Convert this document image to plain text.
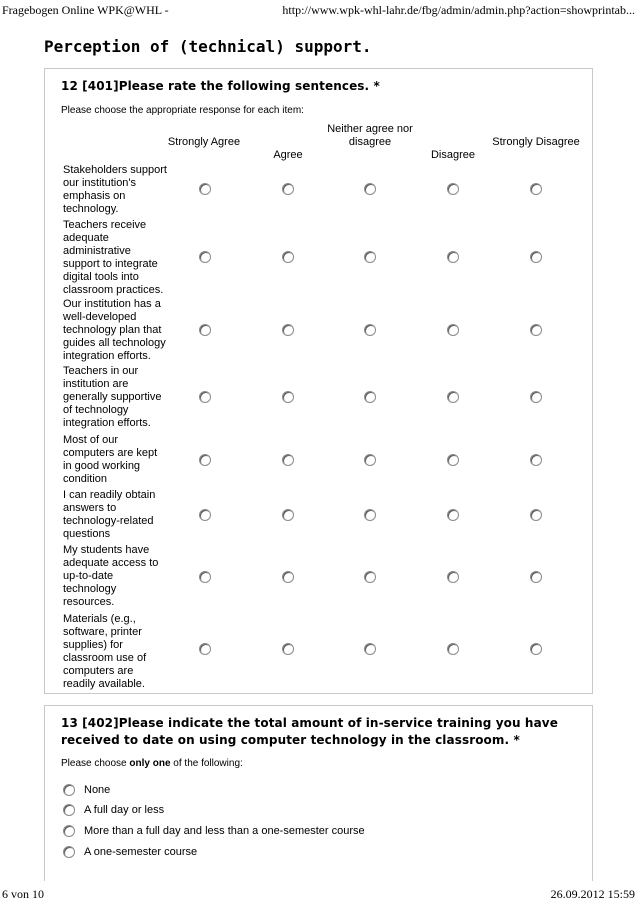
Fragebogen Online WPK@WHL -	http://www.wpk-whl-lahr.de/fbg/admin/admin.php?action=showprintab...
Perception of (technical) support.
12 [401]Please rate the following sentences. *
Please choose the appropriate response for each item:
Strongly Agree
Agree
Neither agree nor disagree
Disagree
Strongly Disagree
Stakeholders support our institution's emphasis on technology.
Teachers receive adequate administrative support to integrate digital tools into classroom practices.
Our institution has a well-developed technology plan that guides all technology integration efforts.
Teachers in our institution are generally supportive of technology integration efforts.
Most of our computers are kept in good working condition
I can readily obtain answers to technology-related questions
My students have adequate access to up-to-date technology resources.
Materials (e.g., software, printer supplies) for classroom use of computers are readily available.
13 [402]Please indicate the total amount of in-service training you have received to date on using computer technology in the classroom. *
Please choose only one of the following:
None
A full day or less
More than a full day and less than a one-semester course
A one-semester course
6 von 10	26.09.2012 15:59
